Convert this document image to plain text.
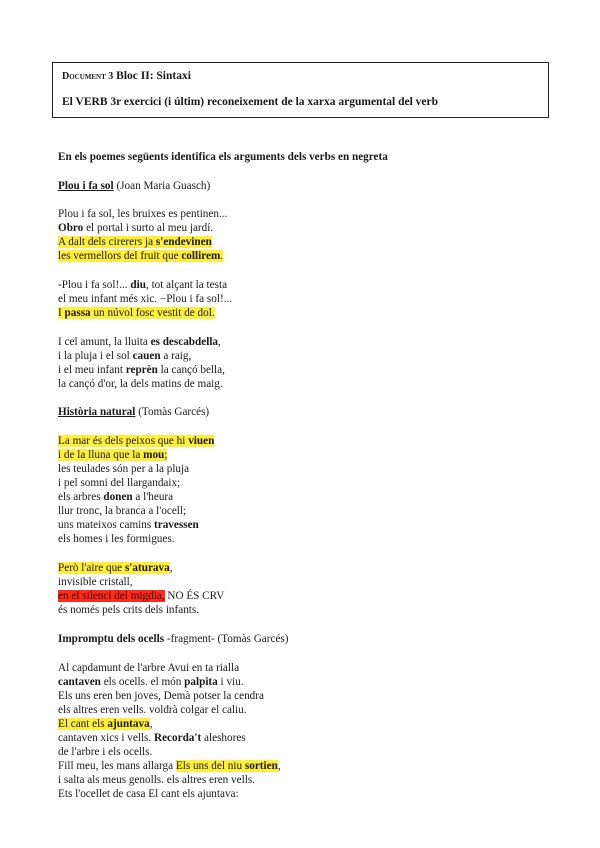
Document 3 Bloc II: Sintaxi
El VERB 3r exercici (i últim) reconeixement de la xarxa argumental del verb
En els poemes següents identifica els arguments dels verbs en negreta
Plou i fa sol (Joan Maria Guasch)
Plou i fa sol, les bruixes es pentinen...
Obro el portal i surto al meu jardí.
A dalt dels cirerers ja s'endevinen
les vermellors del fruit que collirem.
-Plou i fa sol!... diu, tot alçant la testa
el meu infant més xic. −Plou i fa sol!...
I passa un núvol fosc vestit de dol.
I cel amunt, la lluita es descabdella,
i la pluja i el sol cauen a raig,
i el meu infant reprèn la cançó bella,
la cançó d'or, la dels matins de maig.
Història natural (Tomàs Garcés)
La mar és dels peixos que hi viuen
i de la lluna que la mou;
les teulades són per a la pluja
i pel somni del llargandaix;
els arbres donen a l'heura
llur tronc, la branca a l'ocell;
uns mateixos camins travessen
els homes i les formigues.
Però l'aire que s'aturava,
invisible cristall,
en el silenci del migdia, NO ÉS CRV
és només pels crits dels infants.
Impromptu dels ocells -fragment- (Tomàs Garcés)
Al capdamunt de l'arbre Avui en ta rialla
cantaven els ocells. el món palpita i viu.
Els uns eren ben joves, Demà potser la cendra
els altres eren vells. voldrà colgar el caliu.
El cant els ajuntava,
cantaven xics i vells. Recorda't aleshores
de l'arbre i els ocells.
Fill meu, les mans allarga Els uns del niu sortien,
i salta als meus genolls. els altres eren vells.
Ets l'ocellet de casa El cant els ajuntava:
